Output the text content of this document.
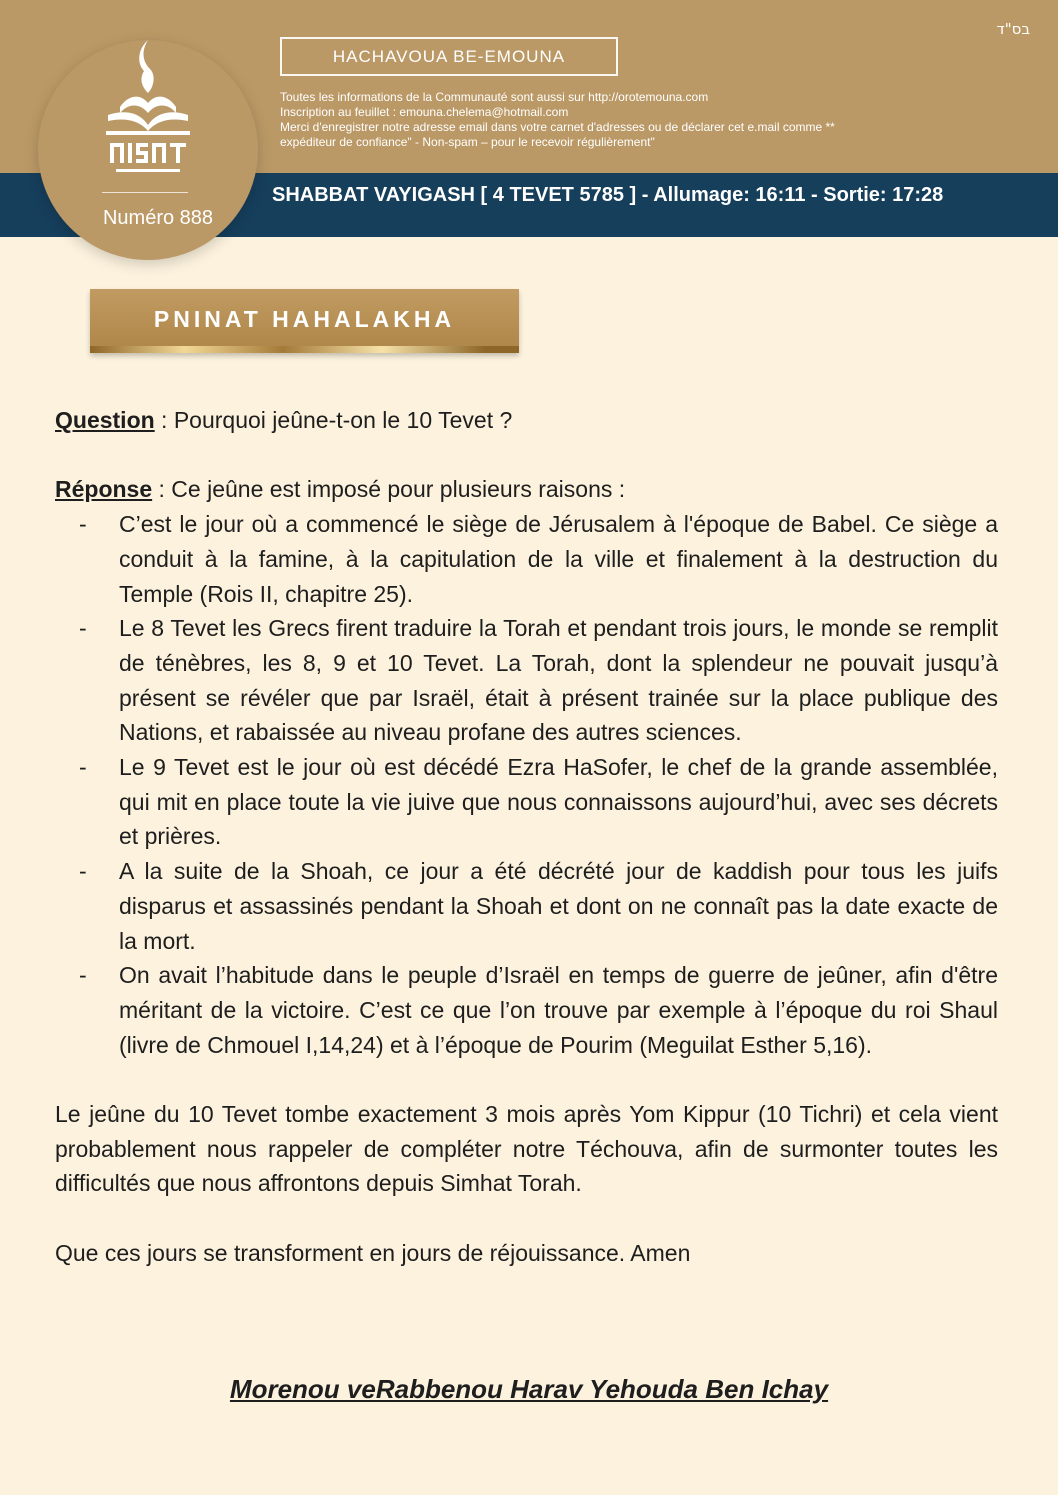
בס"ד
HACHAVOUA BE-EMOUNA

Toutes les informations de la Communauté sont aussi sur http://orotemouna.com

Inscription au feuillet : emouna.chelema@hotmail.com

Merci d'enregistrer notre adresse email dans votre carnet d'adresses ou de déclarer cet e.mail comme **

expéditeur de confiance" - Non-spam – pour le recevoir régulièrement"

Numéro 888
SHABBAT VAYIGASH [ 4 TEVET 5785 ] - Allumage: 16:11 - Sortie: 17:28
PNINAT HAHALAKHA

Question : Pourquoi jeûne-t-on le 10 Tevet ?

Réponse : Ce jeûne est imposé pour plusieurs raisons :

- C’est le jour où a commencé le siège de Jérusalem à l'époque de Babel. Ce siège a conduit à la famine, à la capitulation de la ville et finalement à la destruction du Temple (Rois II, chapitre 25).
- Le 8 Tevet les Grecs firent traduire la Torah et pendant trois jours, le monde se remplit de ténèbres, les 8, 9 et 10 Tevet. La Torah, dont la splendeur ne pouvait jusqu’à présent se révéler que par Israël, était à présent trainée sur la place publique des Nations, et rabaissée au niveau profane des autres sciences.
- Le 9 Tevet est le jour où est décédé Ezra HaSofer, le chef de la grande assemblée, qui mit en place toute la vie juive que nous connaissons aujourd’hui, avec ses décrets et prières.
- A la suite de la Shoah, ce jour a été décrété jour de kaddish pour tous les juifs disparus et assassinés pendant la Shoah et dont on ne connaît pas la date exacte de la mort.
- On avait l’habitude dans le peuple d’Israël en temps de guerre de jeûner, afin d'être méritant de la victoire. C’est ce que l’on trouve par exemple à l’époque du roi Shaul (livre de Chmouel I,14,24) et à l’époque de Pourim (Meguilat Esther 5,16).

Le jeûne du 10 Tevet tombe exactement 3 mois après Yom Kippur (10 Tichri) et cela vient probablement nous rappeler de compléter notre Téchouva, afin de surmonter toutes les difficultés que nous affrontons depuis Simhat Torah.

Que ces jours se transforment en jours de réjouissance. Amen

Morenou veRabbenou Harav Yehouda Ben Ichay
